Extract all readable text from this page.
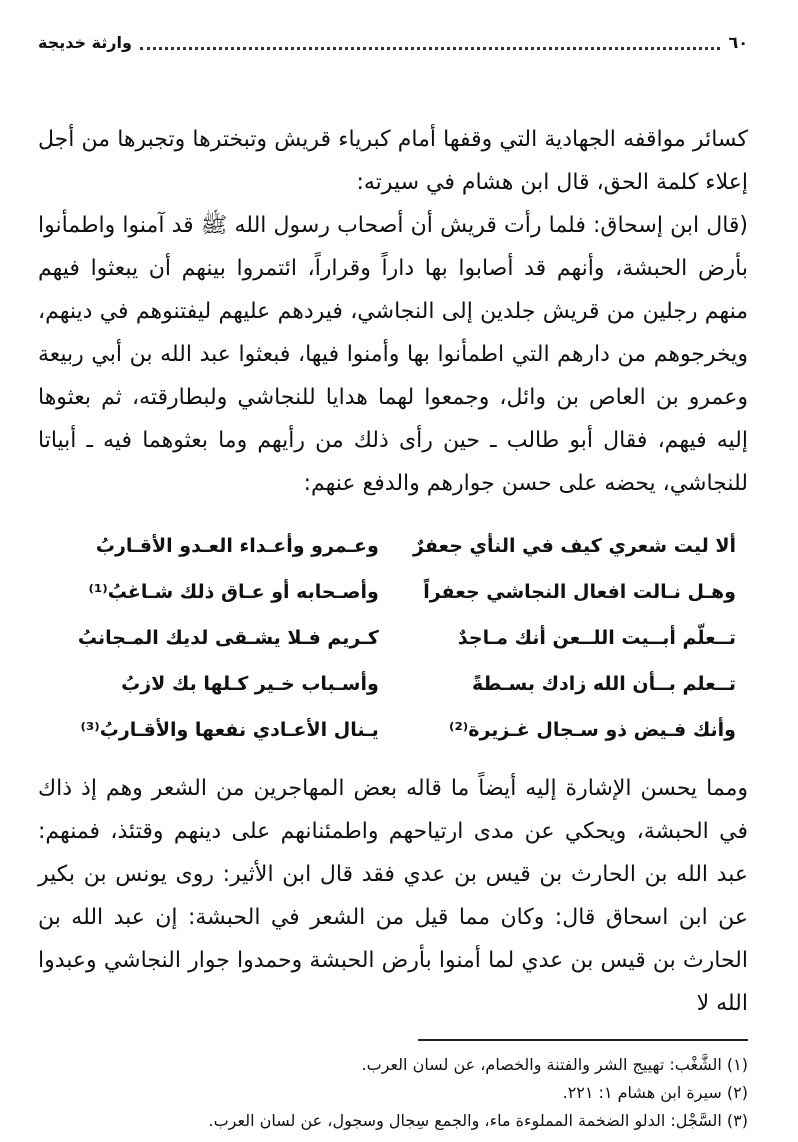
٦٠
وارثة خديجة

كسائر مواقفه الجهادية التي وقفها أمام كبرياء قريش وتبخترها وتجبرها من أجل إعلاء كلمة الحق، قال ابن هشام في سيرته:

(قال ابن إسحاق: فلما رأت قريش أن أصحاب رسول الله ﷺ قد آمنوا واطمأنوا بأرض الحبشة، وأنهم قد أصابوا بها داراً وقراراً، ائتمروا بينهم أن يبعثوا فيهم منهم رجلين من قريش جلدين إلى النجاشي، فيردهم عليهم ليفتنوهم في دينهم، ويخرجوهم من دارهم التي اطمأنوا بها وأمنوا فيها، فبعثوا عبد الله بن أبي ربيعة وعمرو بن العاص بن وائل، وجمعوا لهما هدايا للنجاشي ولبطارقته، ثم بعثوها إليه فيهم، فقال أبو طالب ـ حين رأى ذلك من رأيهم وما بعثوهما فيه ـ أبياتا للنجاشي، يحضه على حسن جوارهم والدفع عنهم:

ألا ليت شعري كيف في النأي جعفرٌ
وعـمرو وأعـداء العـدو الأقـاربُ
وهـل نـالت افعال النجاشي جعفراً
وأصـحابه أو عـاق ذلك شـاغبُ⁽¹⁾
تــعلّم أبــيت اللــعن أنك مـاجدٌ
كـريم فـلا يشـقى لديك المـجانبُ
تــعلم بــأن الله زادك بسـطةً
وأسـباب خـير كـلها بك لازبُ
وأنك فـيض ذو سـجال غـزيرة⁽²⁾
يـنال الأعـادي نفعها والأقـاربُ⁽³⁾

ومما يحسن الإشارة إليه أيضاً ما قاله بعض المهاجرين من الشعر وهم إذ ذاك في الحبشة، ويحكي عن مدى ارتياحهم واطمئنانهم على دينهم وقتئذ، فمنهم: عبد الله بن الحارث بن قيس بن عدي فقد قال ابن الأثير: روى يونس بن بكير عن ابن اسحاق قال: وكان مما قيل من الشعر في الحبشة: إن عبد الله بن الحارث بن قيس بن عدي لما أمنوا بأرض الحبشة وحمدوا جوار النجاشي وعبدوا الله لا

(١) الشَّغْب: تهييج الشر والفتنة والخصام، عن لسان العرب.

(٢) سيرة ابن هشام ١: ٢٢١.

(٣) السَّجْل: الدلو الضخمة المملوءة ماء، والجمع سِجال وسجول، عن لسان العرب.
